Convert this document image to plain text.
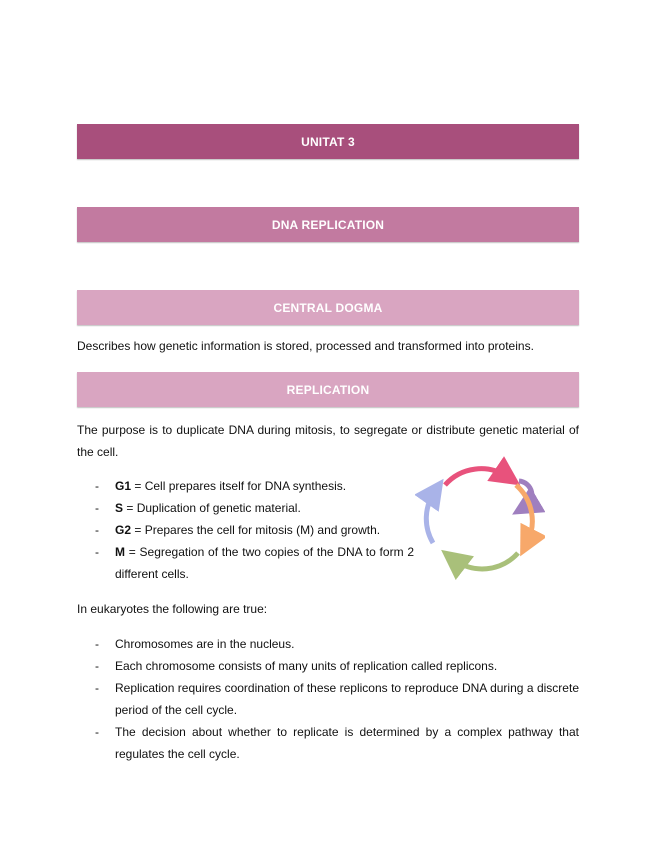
UNITAT 3
DNA REPLICATION
CENTRAL DOGMA
Describes how genetic information is stored, processed and transformed into proteins.
REPLICATION
The purpose is to duplicate DNA during mitosis, to segregate or distribute genetic material of the cell.
- G1 = Cell prepares itself for DNA synthesis.
- S = Duplication of genetic material.
- G2 = Prepares the cell for mitosis (M) and growth.
- M = Segregation of the two copies of the DNA to form 2 different cells.
In eukaryotes the following are true:
- Chromosomes are in the nucleus.
- Each chromosome consists of many units of replication called replicons.
- Replication requires coordination of these replicons to reproduce DNA during a discrete period of the cell cycle.
- The decision about whether to replicate is determined by a complex pathway that regulates the cell cycle.
